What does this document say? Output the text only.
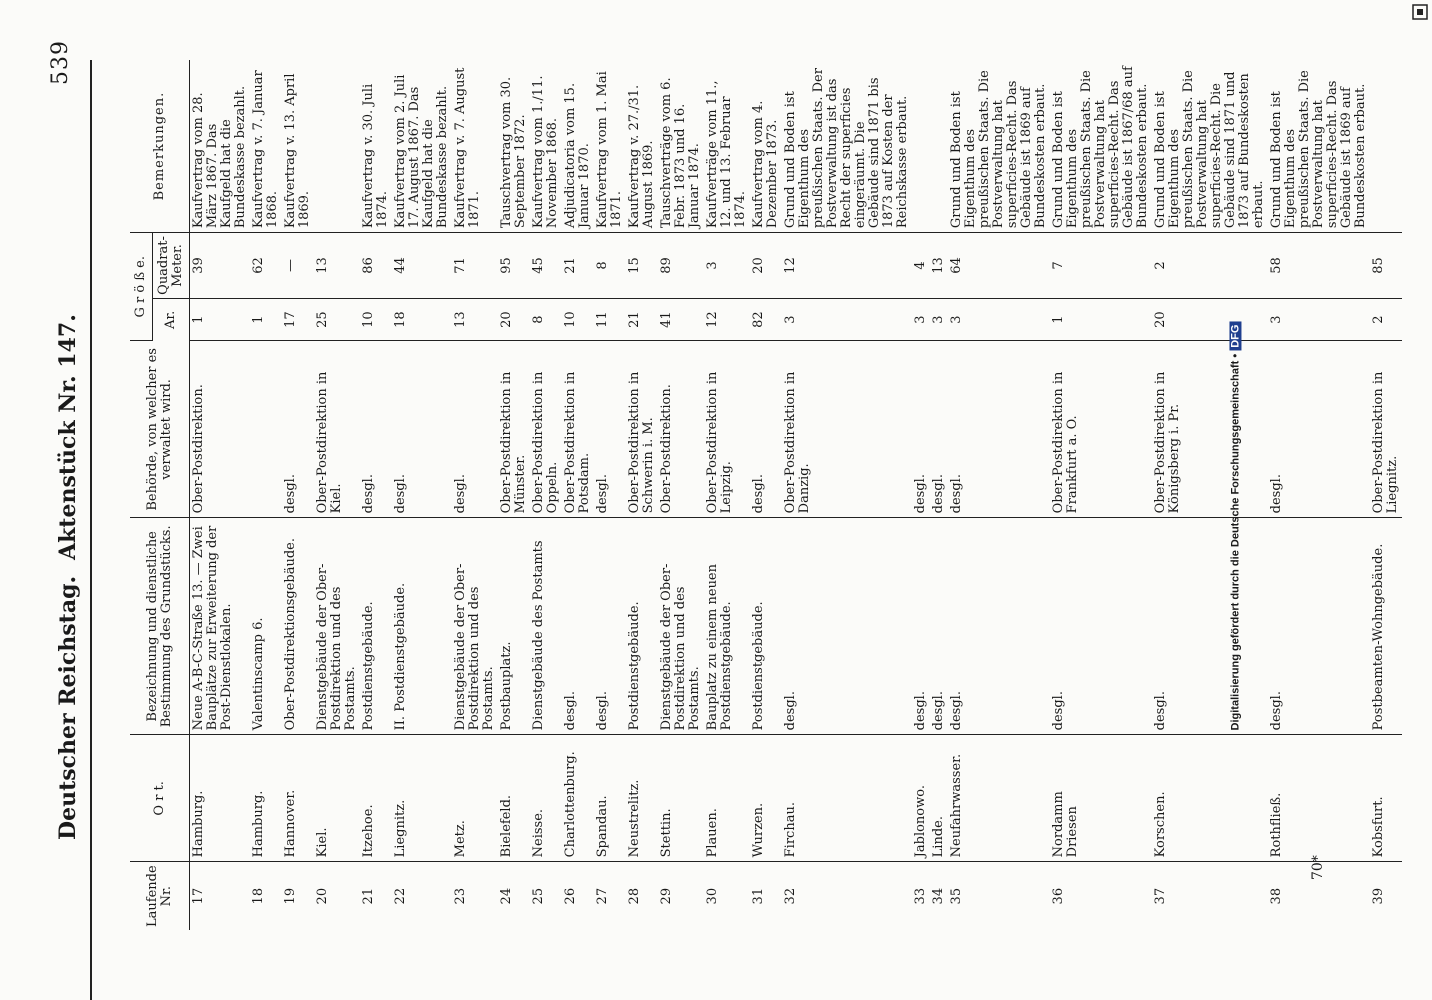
Deutscher Reichstag.
Aktenstück Nr. 147.
539
Laufende Nr.	O r t.	Bezeichnung und dienstliche Bestimmung des Grundstücks.	Behörde, von welcher es verwaltet wird.	G r ö ß e.		Bemerkungen.
				Ar.	Quadrat-Meter.	
17	Hamburg.	Neue A-B-C-Straße 13. — Zwei Bauplätze zur Erweiterung der Post-Dienstlokalen.	Ober-Postdirektion.	1	39	Kaufvertrag vom 28. März 1867. Das Kaufgeld hat die Bundeskasse bezahlt.
18	Hamburg.	Valentinscamp 6.		1	62	Kaufvertrag v. 7. Januar 1868.
19	Hannover.	Ober-Postdirektionsgebäude.	desgl.	17	—	Kaufvertrag v. 13. April 1869.
20	Kiel.	Dienstgebäude der Ober-Postdirektion und des Postamts.	Ober-Postdirektion in Kiel.	25	13	
21	Itzehoe.	Postdienstgebäude.	desgl.	10	86	Kaufvertrag v. 30. Juli 1874.
22	Liegnitz.	II. Postdienstgebäude.	desgl.	18	44	Kaufvertrag vom 2. Juli 17. August 1867. Das Kaufgeld hat die Bundeskasse bezahlt.
23	Metz.	Dienstgebäude der Ober-Postdirektion und des Postamts.	desgl.	13	71	Kaufvertrag v. 7. August 1871.
24	Bielefeld.	Postbauplatz.	Ober-Postdirektion in Münster.	20	95	Tauschvertrag vom 30. September 1872.
25	Neisse.	Dienstgebäude des Postamts	Ober-Postdirektion in Oppeln.	8	45	Kaufvertrag vom 1./11. November 1868.
26	Charlottenburg.	desgl.	Ober-Postdirektion in Potsdam.	10	21	Adjudicatoria vom 15. Januar 1870.
27	Spandau.	desgl.	desgl.	11	8	Kaufvertrag vom 1. Mai 1871.
28	Neustrelitz.	Postdienstgebäude.	Ober-Postdirektion in Schwerin i. M.	21	15	Kaufvertrag v. 27./31. August 1869.
29	Stettin.	Dienstgebäude der Ober-Postdirektion und des Postamts.	Ober-Postdirektion.	41	89	Tauschverträge vom 6. Febr. 1873 und 16. Januar 1874.
30	Plauen.	Bauplatz zu einem neuen Postdienstgebäude.	Ober-Postdirektion in Leipzig.	12	3	Kaufverträge vom 11., 12. und 13. Februar 1874.
31	Wurzen.	Postdienstgebäude.	desgl.	82	20	Kaufvertrag vom 4. Dezember 1873.
32	Firchau.	desgl.	Ober-Postdirektion in Danzig.	3	12	Grund und Boden ist Eigenthum des preußischen Staats. Der Postverwaltung ist das Recht der superficies eingeräumt. Die Gebäude sind 1871 bis 1873 auf Kosten der Reichskasse erbaut.
33	Jablonowo.	desgl.	desgl.	3	4	
34	Linde.	desgl.	desgl.	3	13	
35	Neufahrwasser.	desgl.	desgl.	3	64	Grund und Boden ist Eigenthum des preußischen Staats. Die Postverwaltung hat superficies-Recht. Das Gebäude ist 1869 auf Bundeskosten erbaut.
36	Nordamm Driesen	desgl.	Ober-Postdirektion in Frankfurt a. O.	1	7	Grund und Boden ist Eigenthum des preußischen Staats. Die Postverwaltung hat superficies-Recht. Das Gebäude ist 1867/68 auf Bundeskosten erbaut.
37	Korschen.	desgl.	Ober-Postdirektion in Königsberg i. Pr.	20	2	Grund und Boden ist Eigenthum des preußischen Staats. Die Postverwaltung hat superficies-Recht. Die Gebäude sind 1871 und 1873 auf Bundeskosten erbaut.
38	Rothfließ.	desgl.	desgl.	3	58	Grund und Boden ist Eigenthum des preußischen Staats. Die Postverwaltung hat superficies-Recht. Das Gebäude ist 1869 auf Bundeskosten erbaut.
39	Kobsfurt.	Postbeamten-Wohngebäude.	Ober-Postdirektion in Liegnitz.	2	85	
70*
Digitalisierung gefördert durch die Deutsche Forschungsgemeinschaft •DFG
